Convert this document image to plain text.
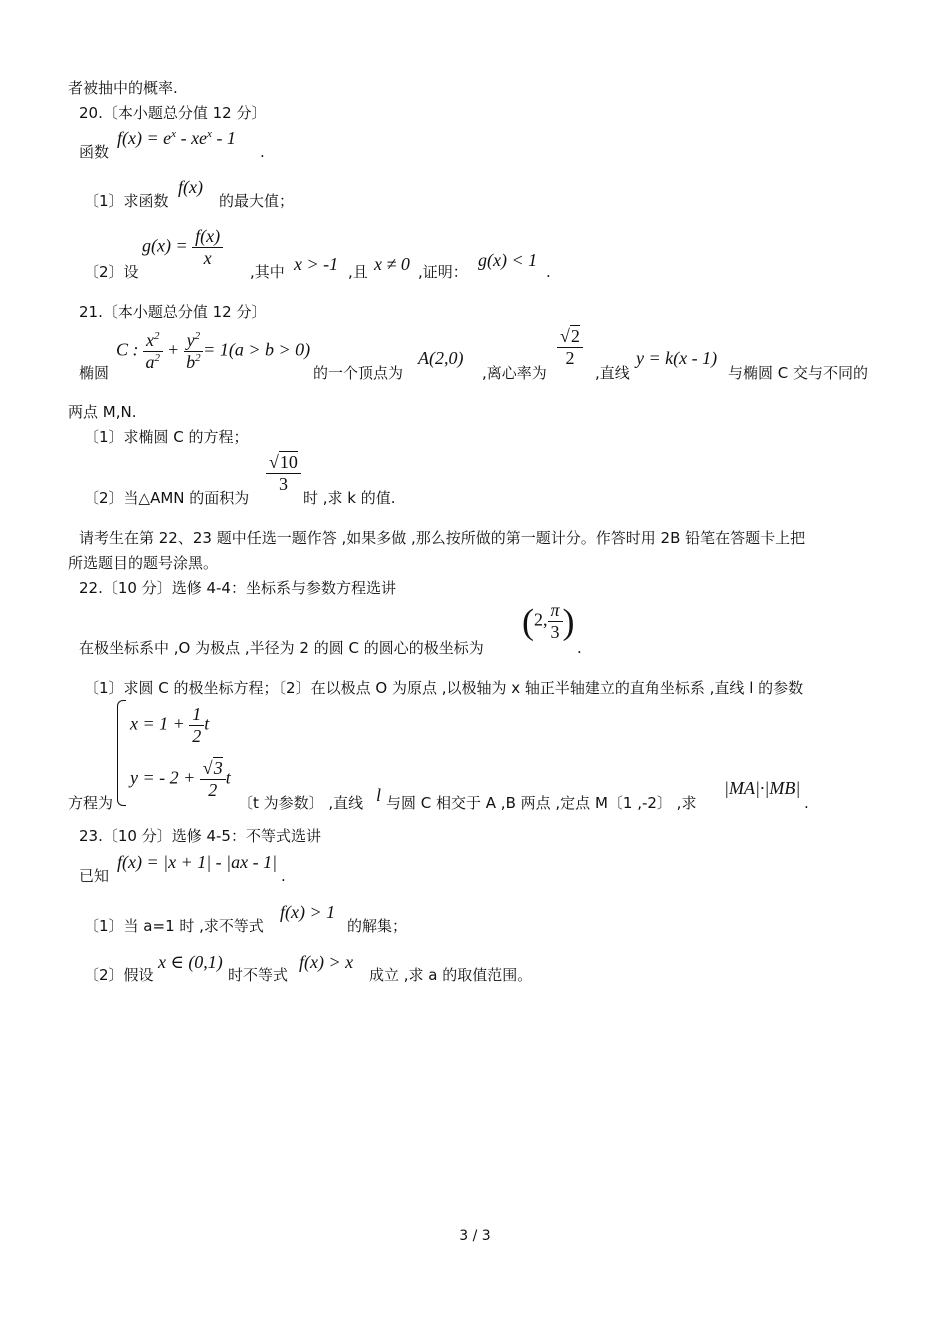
者被抽中的概率.
20.〔本小题总分值 12 分〕
函数
$f(x) = e^x - xe^x - 1$
.
〔1〕求函数
f(x)
的最大值；
〔2〕设
$g(x) = \frac{f(x)}{x}$
,其中 x > -1 ,且 x ≠ 0 ,证明：
g(x) < 1
.
21.〔本小题总分值 12 分〕
椭圆
C : $\frac{x^2}{a^2} + \frac{y^2}{b^2} = 1(a > b > 0)$
的一个顶点为
A(2,0)
,离心率为
$\frac{√2}{2}$
,直线
y = k(x - 1)
与椭圆 C 交与不同的
两点 M,N.
〔1〕求椭圆 C 的方程；
〔2〕当△AMN 的面积为
$\frac{√10}{3}$
时 ,求 k 的值.
请考生在第 22、23 题中任选一题作答 ,如果多做 ,那么按所做的第一题计分。作答时用 2B 铅笔在答题卡上把
所选题目的题号涂黑。
22.〔10 分〕选修 4-4：坐标系与参数方程选讲
在极坐标系中 ,O 为极点 ,半径为 2 的圆 C 的圆心的极坐标为
(2, $\frac{\pi}{3}$ )
.
〔1〕求圆 C 的极坐标方程；〔2〕在以极点 O 为原点 ,以极轴为 x 轴正半轴建立的直角坐标系 ,直线 l 的参数
方程为
$x = 1 + \frac{1}{2}$ t
y = - $2 + \frac{√3}{2}$ t
〔t 为参数〕 ,直线 l 与圆 C 相交于 A ,B 两点 ,定点 M〔1 ,-2〕 ,求
|MA|·|MB|
.
23.〔10 分〕选修 4-5：不等式选讲
已知
f(x) = |x + 1| - |ax - 1|
.
〔1〕当 a=1 时 ,求不等式
f(x) > 1
的解集；
〔2〕假设
x ∈ (0,1)
时不等式
f(x) > x
成立 ,求 a 的取值范围。
3 / 3
